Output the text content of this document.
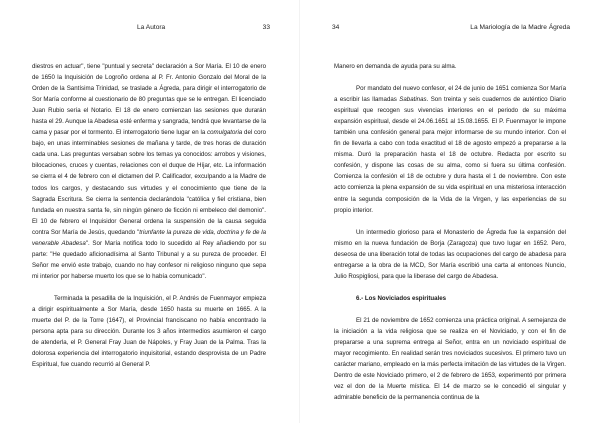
La Autora	33

diestros en actuar", tiene "puntual y secreta" declaración a Sor María. El 10 de enero de 1650 la Inquisición de Logroño ordena al P. Fr. Antonio Gonzalo del Moral de la Orden de la Santísima Trinidad, se traslade a Ágreda, para dirigir el interrogatorio de Sor María conforme al cuestionario de 80 preguntas que se le entregan. El licenciado Juan Rubio sería el Notario. El 18 de enero comienzan las sesiones que durarán hasta el 29. Aunque la Abadesa esté enferma y sangrada, tendrá que levantarse de la cama y pasar por el tormento. El interrogatorio tiene lugar en la comulgatoria del coro bajo, en unas interminables sesiones de mañana y tarde, de tres horas de duración cada una. Las preguntas versaban sobre los temas ya conocidos: arrobos y visiones, bilocaciones, cruces y cuentas, relaciones con el duque de Híjar, etc. La información se cierra el 4 de febrero con el dictamen del P. Calificador, exculpando a la Madre de todos los cargos, y destacando sus virtudes y el conocimiento que tiene de la Sagrada Escritura. Se cierra la sentencia declarándola "católica y fiel cristiana, bien fundada en nuestra santa fe, sin ningún género de ficción ni embeleco del demonio". El 10 de febrero el Inquisidor General ordena la suspensión de la causa seguida contra Sor María de Jesús, quedando "triunfante la pureza de vida, doctrina y fe de la venerable Abadesa". Sor María notifica todo lo sucedido al Rey añadiendo por su parte: "He quedado aficionadísima al Santo Tribunal y a su pureza de proceder. El Señor me envió este trabajo, cuando no hay confesor ni religioso ninguno que sepa mi interior por haberse muerto los que se lo había comunicado".

Terminada la pesadilla de la Inquisición, el P. Andrés de Fuenmayor empieza a dirigir espiritualmente a Sor María, desde 1650 hasta su muerte en 1665. A la muerte del P. de la Torre (1647), el Provincial franciscano no había encontrado la persona apta para su dirección. Durante los 3 años intermedios asumieron el cargo de atenderla, el P. General Fray Juan de Nápoles, y Fray Juan de la Palma. Tras la dolorosa experiencia del interrogatorio inquisitorial, estando desprovista de un Padre Espiritual, fue cuando recurrió al General P.

34	La Mariología de la Madre Ágreda

Manero en demanda de ayuda para su alma.

Por mandato del nuevo confesor, el 24 de junio de 1651 comienza Sor María a escribir las llamadas Sabatinas. Son treinta y seis cuadernos de auténtico Diario espiritual que recogen sus vivencias interiores en el periodo de su máxima expansión espiritual, desde el 24.06.1651 al 15.08.1655. El P. Fuenmayor le impone también una confesión general para mejor informarse de su mundo interior. Con el fin de llevarla a cabo con toda exactitud el 18 de agosto empezó a prepararse a la misma. Duró la preparación hasta el 18 de octubre. Redacta por escrito su confesión, y dispone las cosas de su alma, como si fuera su última confesión. Comienza la confesión el 18 de octubre y dura hasta el 1 de noviembre. Con este acto comienza la plena expansión de su vida espiritual en una misteriosa interacción entre la segunda composición de la Vida de la Virgen, y las experiencias de su propio interior.

Un intermedio glorioso para el Monasterio de Ágreda fue la expansión del mismo en la nueva fundación de Borja (Zaragoza) que tuvo lugar en 1652. Pero, deseosa de una liberación total de todas las ocupaciones del cargo de abadesa para entregarse a la obra de la MCD, Sor María escribió una carta al entonces Nuncio, Julio Rospigliosi, para que la liberase del cargo de Abadesa.

6.- Los Noviciados espirituales

El 21 de noviembre de 1652 comienza una práctica original. A semejanza de la iniciación a la vida religiosa que se realiza en el Noviciado, y con el fin de prepararse a una suprema entrega al Señor, entra en un noviciado espiritual de mayor recogimiento. En realidad serán tres noviciados sucesivos. El primero tuvo un carácter mariano, empleado en la más perfecta imitación de las virtudes de la Virgen. Dentro de este Noviciado primero, el 2 de febrero de 1653, experimentó por primera vez el don de la Muerte mística. El 14 de marzo se le concedió el singular y admirable beneficio de la permanencia continua de la
